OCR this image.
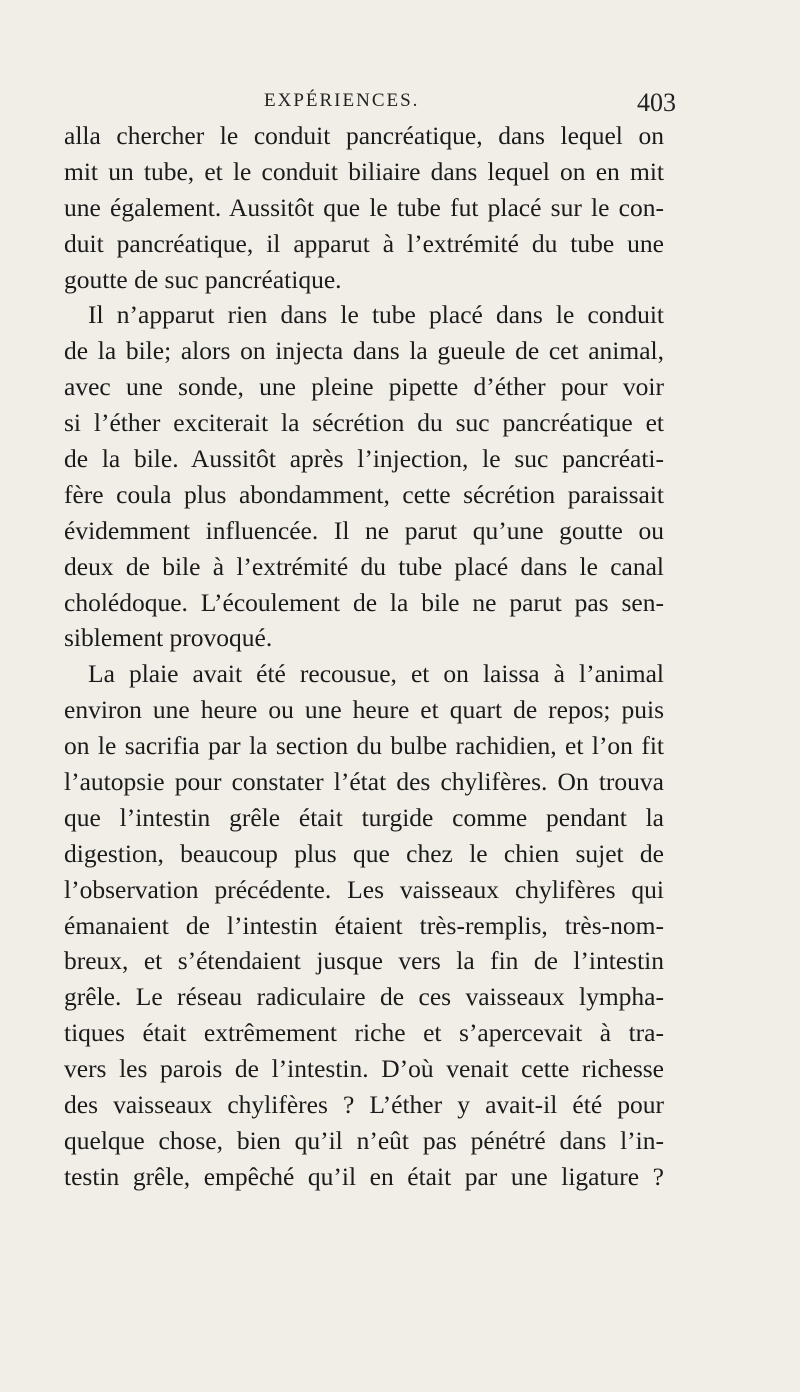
EXPÉRIENCES.	403
alla chercher le conduit pancréatique, dans lequel on
mit un tube, et le conduit biliaire dans lequel on en mit
une également. Aussitôt que le tube fut placé sur le con-
duit pancréatique, il apparut à l’extrémité du tube une
goutte de suc pancréatique.
Il n’apparut rien dans le tube placé dans le conduit
de la bile; alors on injecta dans la gueule de cet animal,
avec une sonde, une pleine pipette d’éther pour voir
si l’éther exciterait la sécrétion du suc pancréatique et
de la bile. Aussitôt après l’injection, le suc pancréati-
fère coula plus abondamment, cette sécrétion paraissait
évidemment influencée. Il ne parut qu’une goutte ou
deux de bile à l’extrémité du tube placé dans le canal
cholédoque. L’écoulement de la bile ne parut pas sen-
siblement provoqué.
La plaie avait été recousue, et on laissa à l’animal
environ une heure ou une heure et quart de repos; puis
on le sacrifia par la section du bulbe rachidien, et l’on fit
l’autopsie pour constater l’état des chylifères. On trouva
que l’intestin grêle était turgide comme pendant la
digestion, beaucoup plus que chez le chien sujet de
l’observation précédente. Les vaisseaux chylifères qui
émanaient de l’intestin étaient très-remplis, très-nom-
breux, et s’étendaient jusque vers la fin de l’intestin
grêle. Le réseau radiculaire de ces vaisseaux lympha-
tiques était extrêmement riche et s’apercevait à tra-
vers les parois de l’intestin. D’où venait cette richesse
des vaisseaux chylifères ? L’éther y avait-il été pour
quelque chose, bien qu’il n’eût pas pénétré dans l’in-
testin grêle, empêché qu’il en était par une ligature ?
